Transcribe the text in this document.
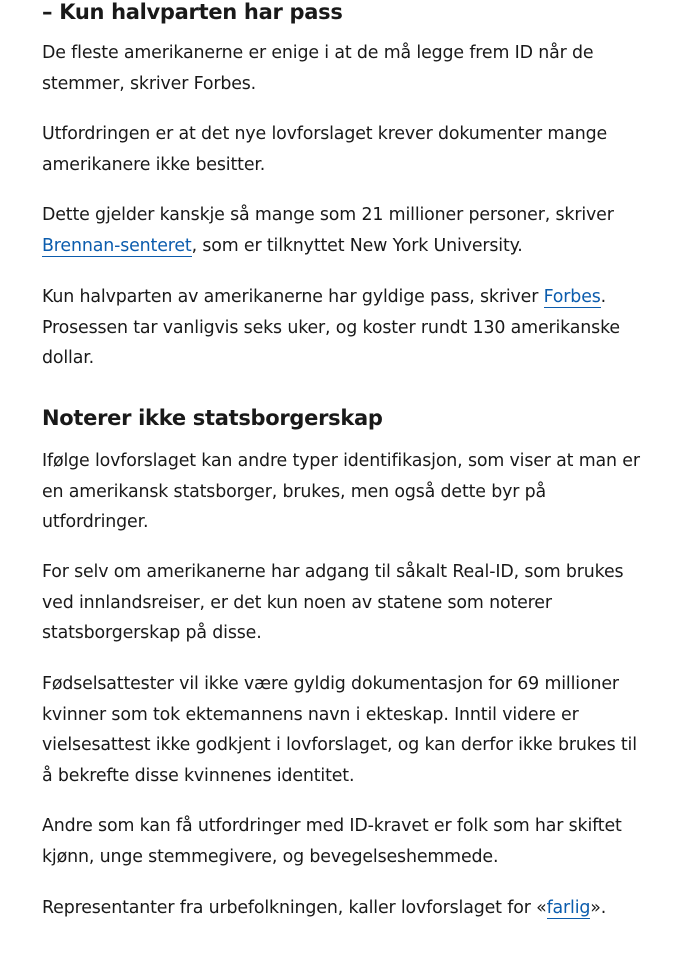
– Kun halvparten har pass

De fleste amerikanerne er enige i at de må legge frem ID når de stemmer, skriver Forbes.

Utfordringen er at det nye lovforslaget krever dokumenter mange amerikanere ikke besitter.

Dette gjelder kanskje så mange som 21 millioner personer, skriver Brennan-senteret, som er tilknyttet New York University.

Kun halvparten av amerikanerne har gyldige pass, skriver Forbes. Prosessen tar vanligvis seks uker, og koster rundt 130 amerikanske dollar.

Noterer ikke statsborgerskap

Ifølge lovforslaget kan andre typer identifikasjon, som viser at man er en amerikansk statsborger, brukes, men også dette byr på utfordringer.

For selv om amerikanerne har adgang til såkalt Real-ID, som brukes ved innlandsreiser, er det kun noen av statene som noterer statsborgerskap på disse.

Fødselsattester vil ikke være gyldig dokumentasjon for 69 millioner kvinner som tok ektemannens navn i ekteskap. Inntil videre er vielsesattest ikke godkjent i lovforslaget, og kan derfor ikke brukes til å bekrefte disse kvinnenes identitet.

Andre som kan få utfordringer med ID-kravet er folk som har skiftet kjønn, unge stemmegivere, og bevegelseshemmede.

Representanter fra urbefolkningen, kaller lovforslaget for «farlig».
